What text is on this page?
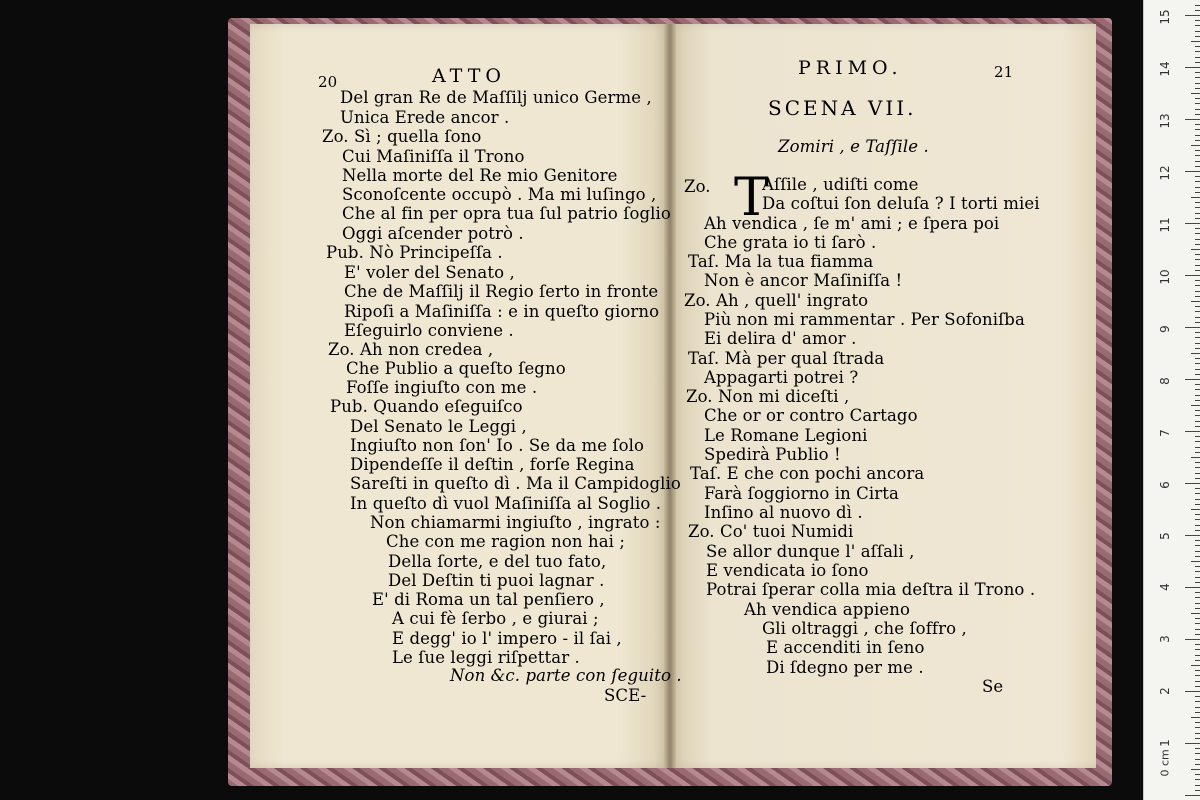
20	ATTO
Del gran Re de Maſſilj unico Germe ,
Unica Erede ancor .
Zo. Sì ; quella ſono
Cui Maſiniſſa il Trono
Nella morte del Re mio Genitore
Sconoſcente occupò . Ma mi luſingo ,
Che al fin per opra tua ſul patrio ſoglio
Oggi aſcender potrò .
Pub. Nò Principeſſa .
E' voler del Senato ,
Che de Maſſilj il Regio ſerto in fronte
Ripoſi a Maſiniſſa : e in queſto giorno
Eſeguirlo conviene .
Zo. Ah non credea ,
Che Publio a queſto ſegno
Foſſe ingiuſto con me .
Pub. Quando eſeguiſco
Del Senato le Leggi ,
Ingiuſto non ſon' Io . Se da me ſolo
Dipendeſſe il deſtin , forſe Regina
Sareſti in queſto dì . Ma il Campidoglio
In queſto dì vuol Maſiniſſa al Soglio .
Non chiamarmi ingiuſto , ingrato :
Che con me ragion non hai ;
Della ſorte, e del tuo fato,
Del Deſtin ti puoi lagnar .
E' di Roma un tal penſiero ,
A cui fè ſerbo , e giurai ;
E degg' io l' impero - il ſai ,
Le ſue leggi riſpettar .
Non &c. parte con ſeguito .
SCE-
PRIMO.	21
SCENA VII.
Zomiri , e Taſſile .
T
Zo.	Aſſile , udiſti come
Da coſtui ſon deluſa ? I torti miei
Ah vendica , ſe m' ami ; e ſpera poi
Che grata io ti ſarò .
Taſ. Ma la tua fiamma
Non è ancor Maſiniſſa !
Zo. Ah , quell' ingrato
Più non mi rammentar . Per Sofoniſba
Ei delira d' amor .
Taſ. Mà per qual ſtrada
Appagarti potrei ?
Zo. Non mi diceſti ,
Che or or contro Cartago
Le Romane Legioni
Spedirà Publio !
Taſ. E che con pochi ancora
Farà ſoggiorno in Cirta
Inſino al nuovo dì .
Zo. Co' tuoi Numidi
Se allor dunque l' aſſali ,
E vendicata io ſono
Potrai ſperar colla mia deſtra il Trono .
Ah vendica appieno
Gli oltraggi , che ſoffro ,
E accenditi in ſeno
Di ſdegno per me .
Se
1
2
3
4
5
6
7
8
9
10
11
12
13
14
15
0 cm
